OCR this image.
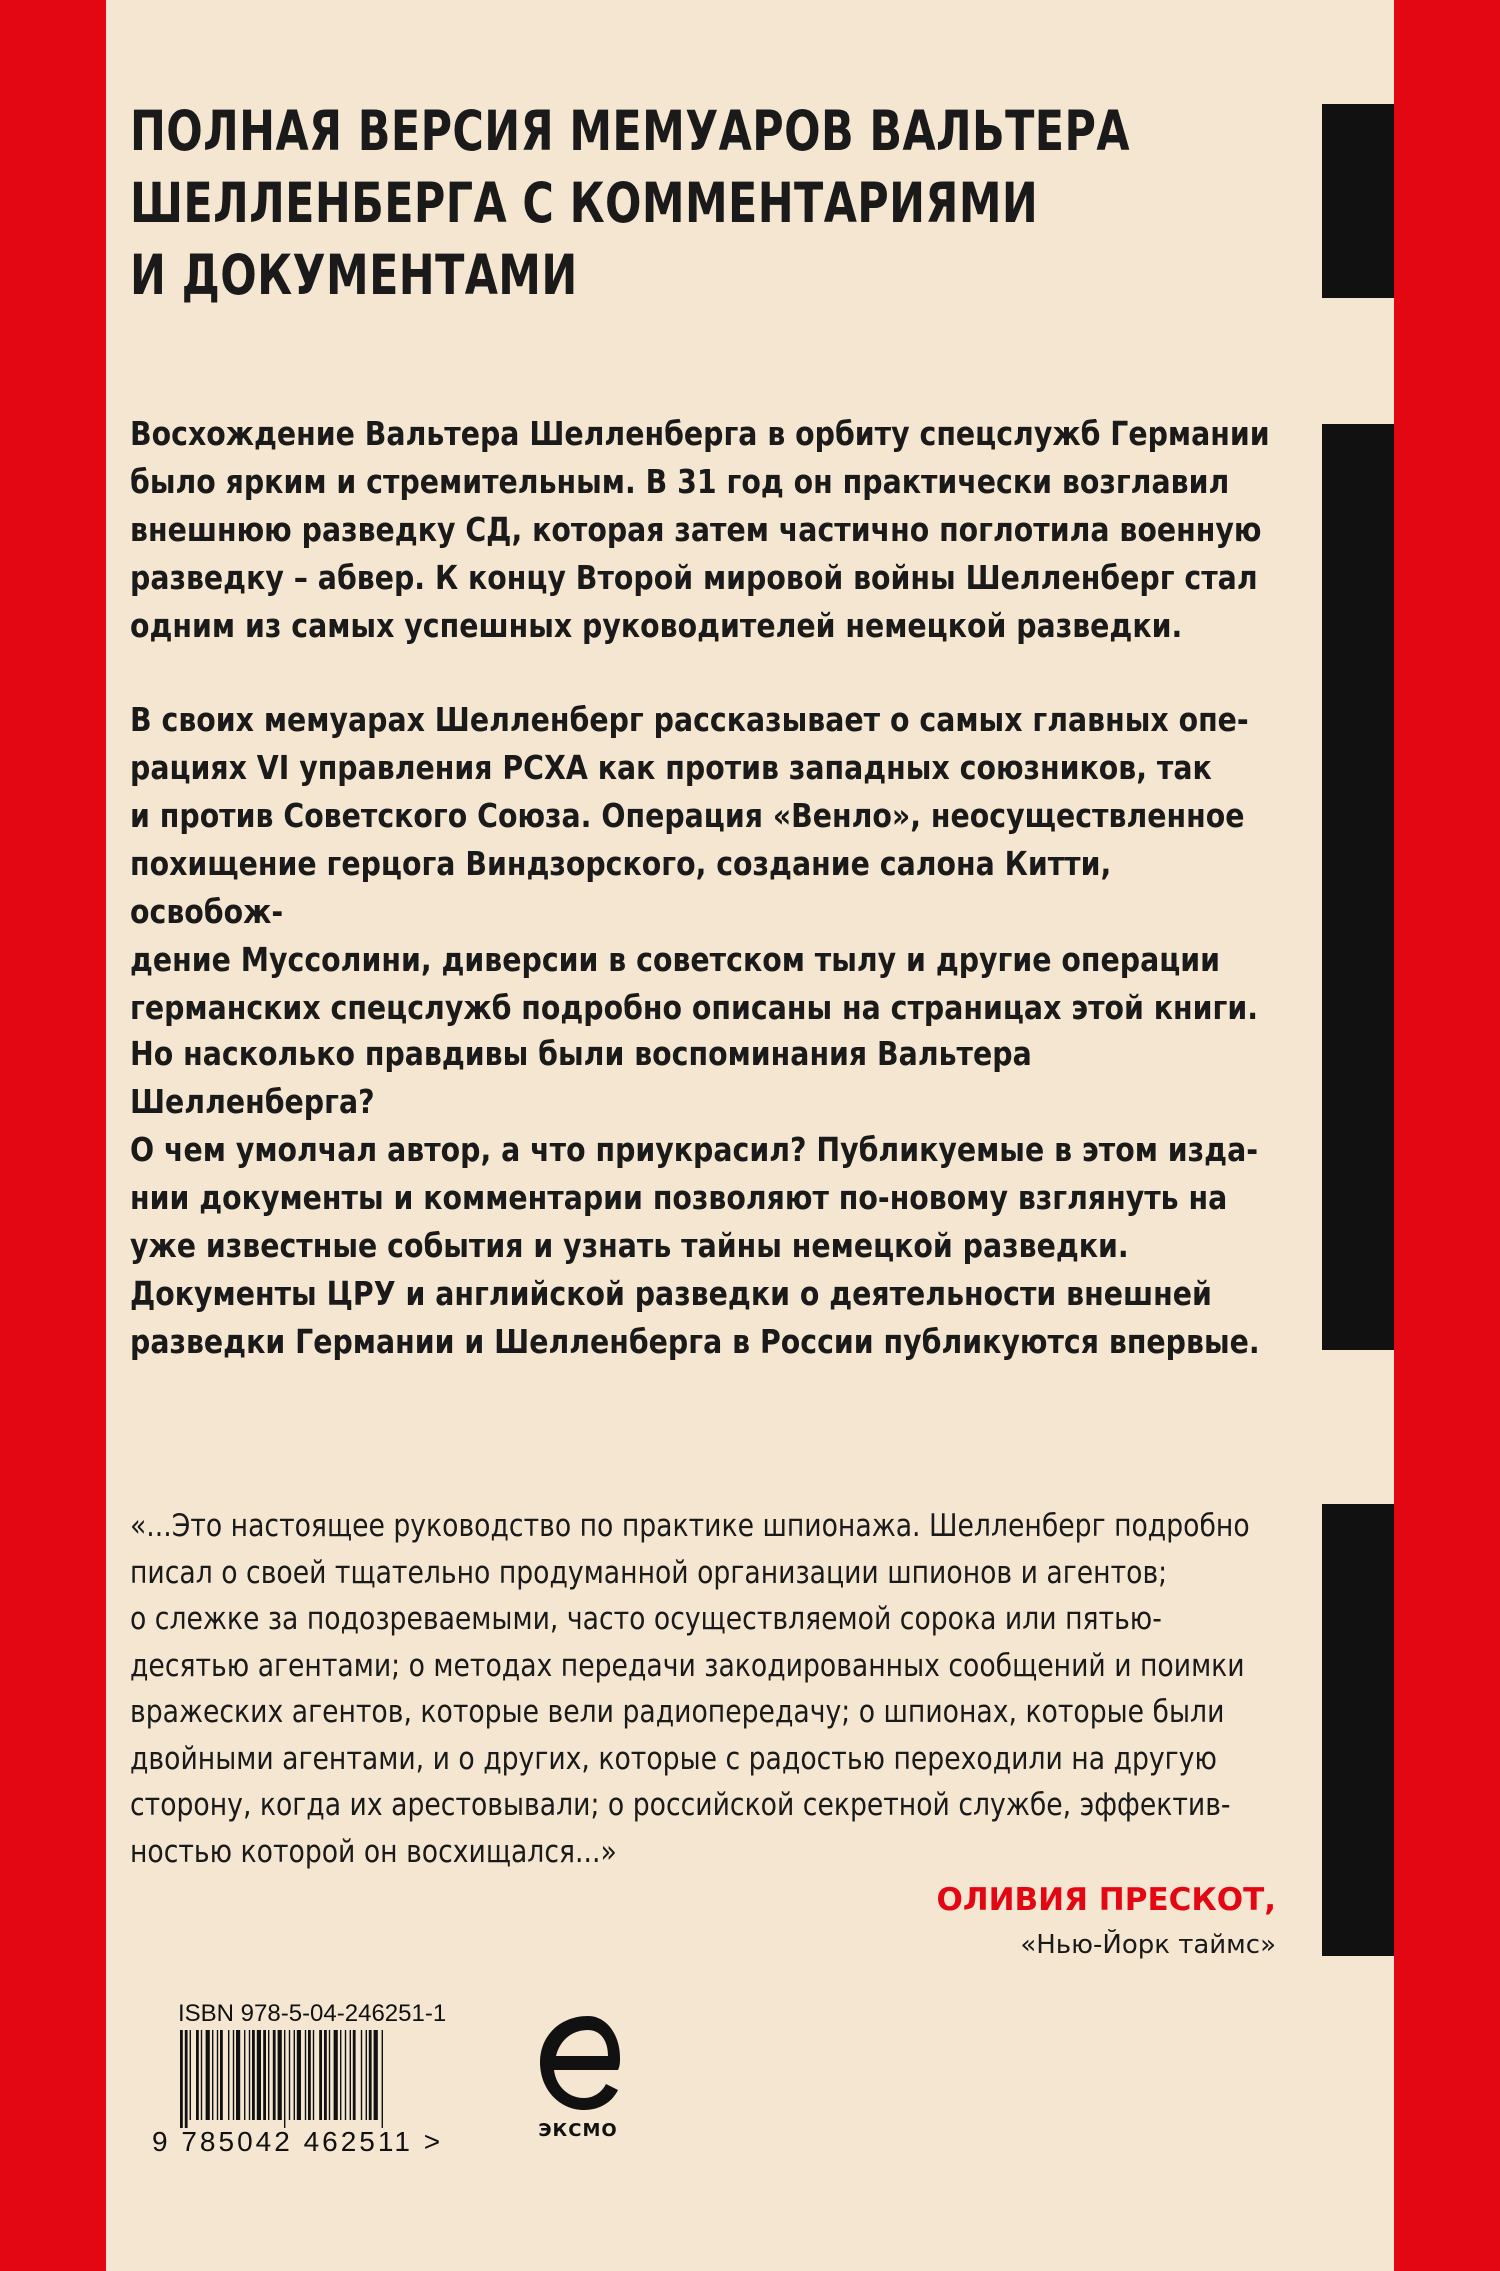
ПОЛНАЯ ВЕРСИЯ МЕМУАРОВ ВАЛЬТЕРА
ШЕЛЛЕНБЕРГА С КОММЕНТАРИЯМИ
И ДОКУМЕНТАМИ
Восхождение Вальтера Шелленберга в орбиту спецслужб Германии
было ярким и стремительным. В 31 год он практически возглавил
внешнюю разведку СД, которая затем частично поглотила военную
разведку – абвер. К концу Второй мировой войны Шелленберг стал
одним из самых успешных руководителей немецкой разведки.
В своих мемуарах Шелленберг рассказывает о самых главных опе-
рациях VI управления РСХА как против западных союзников, так
и против Советского Союза. Операция «Венло», неосуществленное
похищение герцога Виндзорского, создание салона Китти, освобож-
дение Муссолини, диверсии в советском тылу и другие операции
германских спецслужб подробно описаны на страницах этой книги.
Но насколько правдивы были воспоминания Вальтера Шелленберга?
О чем умолчал автор, а что приукрасил? Публикуемые в этом изда-
нии документы и комментарии позволяют по-новому взглянуть на
уже известные события и узнать тайны немецкой разведки.
Документы ЦРУ и английской разведки о деятельности внешней
разведки Германии и Шелленберга в России публикуются впервые.
«...Это настоящее руководство по практике шпионажа. Шелленберг подробно
писал о своей тщательно продуманной организации шпионов и агентов;
о слежке за подозреваемыми, часто осуществляемой сорока или пятью-
десятью агентами; о методах передачи закодированных сообщений и поимки
вражеских агентов, которые вели радиопередачу; о шпионах, которые были
двойными агентами, и о других, которые с радостью переходили на другую
сторону, когда их арестовывали; о российской секретной службе, эффектив-
ностью которой он восхищался...»
ОЛИВИЯ ПРЕСКОТ,
«Нью-Йорк таймс»
ISBN 978-5-04-246251-1
9 785042 462511 >	ЭКСМО
